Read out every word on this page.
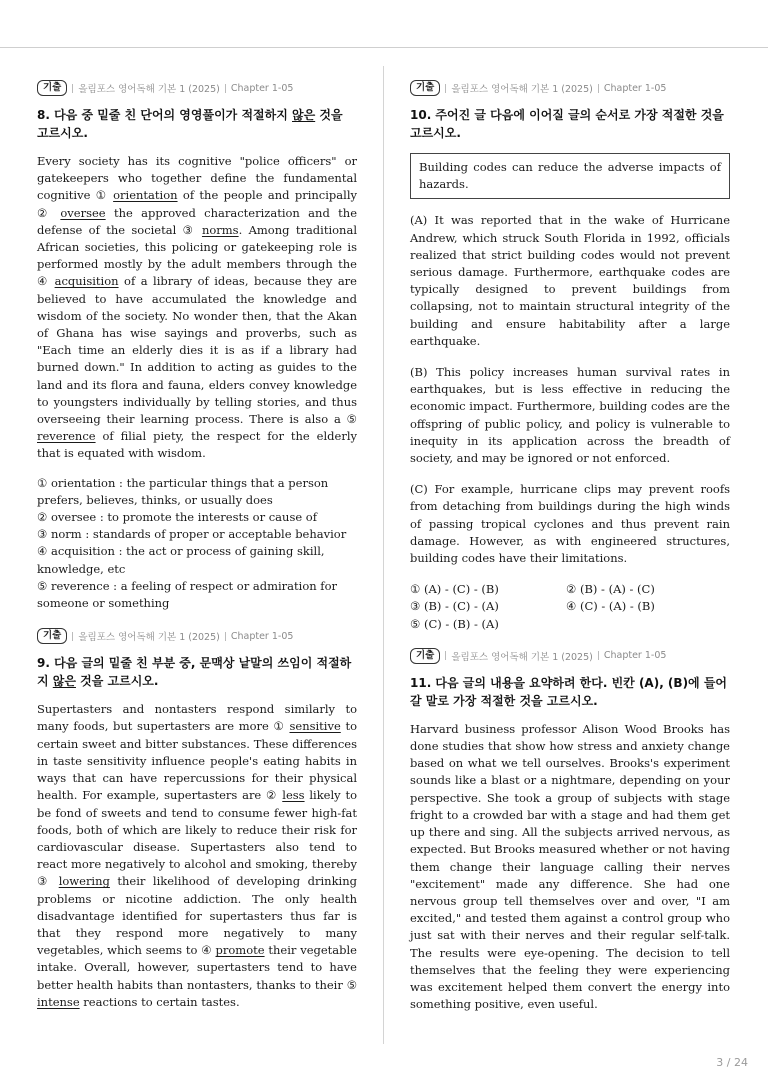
기출	올림포스 영어독해 기본 1 (2025) Chapter 1-05
8. 다음 중 밑줄 친 단어의 영영풀이가 적절하지 않은 것을 고르시오.
Every society has its cognitive "police officers" or gatekeepers who together define the fundamental cognitive ① orientation of the people and principally ② oversee the approved characterization and the defense of the societal ③ norms. Among traditional African societies, this policing or gatekeeping role is performed mostly by the adult members through the ④ acquisition of a library of ideas, because they are believed to have accumulated the knowledge and wisdom of the society. No wonder then, that the Akan of Ghana has wise sayings and proverbs, such as "Each time an elderly dies it is as if a library had burned down." In addition to acting as guides to the land and its flora and fauna, elders convey knowledge to youngsters individually by telling stories, and thus overseeing their learning process. There is also a ⑤ reverence of filial piety, the respect for the elderly that is equated with wisdom.
① orientation : the particular things that a person prefers, believes, thinks, or usually does
② oversee : to promote the interests or cause of
③ norm : standards of proper or acceptable behavior
④ acquisition : the act or process of gaining skill, knowledge, etc
⑤ reverence : a feeling of respect or admiration for someone or something
기출	올림포스 영어독해 기본 1 (2025) Chapter 1-05
9. 다음 글의 밑줄 친 부분 중, 문맥상 낱말의 쓰임이 적절하지 않은 것을 고르시오.
Supertasters and nontasters respond similarly to many foods, but supertasters are more ① sensitive to certain sweet and bitter substances. These differences in taste sensitivity influence people's eating habits in ways that can have repercussions for their physical health. For example, supertasters are ② less likely to be fond of sweets and tend to consume fewer high-fat foods, both of which are likely to reduce their risk for cardiovascular disease. Supertasters also tend to react more negatively to alcohol and smoking, thereby ③ lowering their likelihood of developing drinking problems or nicotine addiction. The only health disadvantage identified for supertasters thus far is that they respond more negatively to many vegetables, which seems to ④ promote their vegetable intake. Overall, however, supertasters tend to have better health habits than nontasters, thanks to their ⑤ intense reactions to certain tastes.
기출	올림포스 영어독해 기본 1 (2025) Chapter 1-05
10. 주어진 글 다음에 이어질 글의 순서로 가장 적절한 것을 고르시오.
Building codes can reduce the adverse impacts of hazards.
(A) It was reported that in the wake of Hurricane Andrew, which struck South Florida in 1992, officials realized that strict building codes would not prevent serious damage. Furthermore, earthquake codes are typically designed to prevent buildings from collapsing, not to maintain structural integrity of the building and ensure habitability after a large earthquake.
(B) This policy increases human survival rates in earthquakes, but is less effective in reducing the economic impact. Furthermore, building codes are the offspring of public policy, and policy is vulnerable to inequity in its application across the breadth of society, and may be ignored or not enforced.
(C) For example, hurricane clips may prevent roofs from detaching from buildings during the high winds of passing tropical cyclones and thus prevent rain damage. However, as with engineered structures, building codes have their limitations.
① (A) - (C) - (B)	② (B) - (A) - (C)
③ (B) - (C) - (A)	④ (C) - (A) - (B)
⑤ (C) - (B) - (A)
기출	올림포스 영어독해 기본 1 (2025) Chapter 1-05
11. 다음 글의 내용을 요약하려 한다. 빈칸 (A), (B)에 들어갈 말로 가장 적절한 것을 고르시오.
Harvard business professor Alison Wood Brooks has done studies that show how stress and anxiety change based on what we tell ourselves. Brooks's experiment sounds like a blast or a nightmare, depending on your perspective. She took a group of subjects with stage fright to a crowded bar with a stage and had them get up there and sing. All the subjects arrived nervous, as expected. But Brooks measured whether or not having them change their language calling their nerves "excitement" made any difference. She had one nervous group tell themselves over and over, "I am excited," and tested them against a control group who just sat with their nerves and their regular self-talk. The results were eye-opening. The decision to tell themselves that the feeling they were experiencing was excitement helped them convert the energy into something positive, even useful.
3 / 24
